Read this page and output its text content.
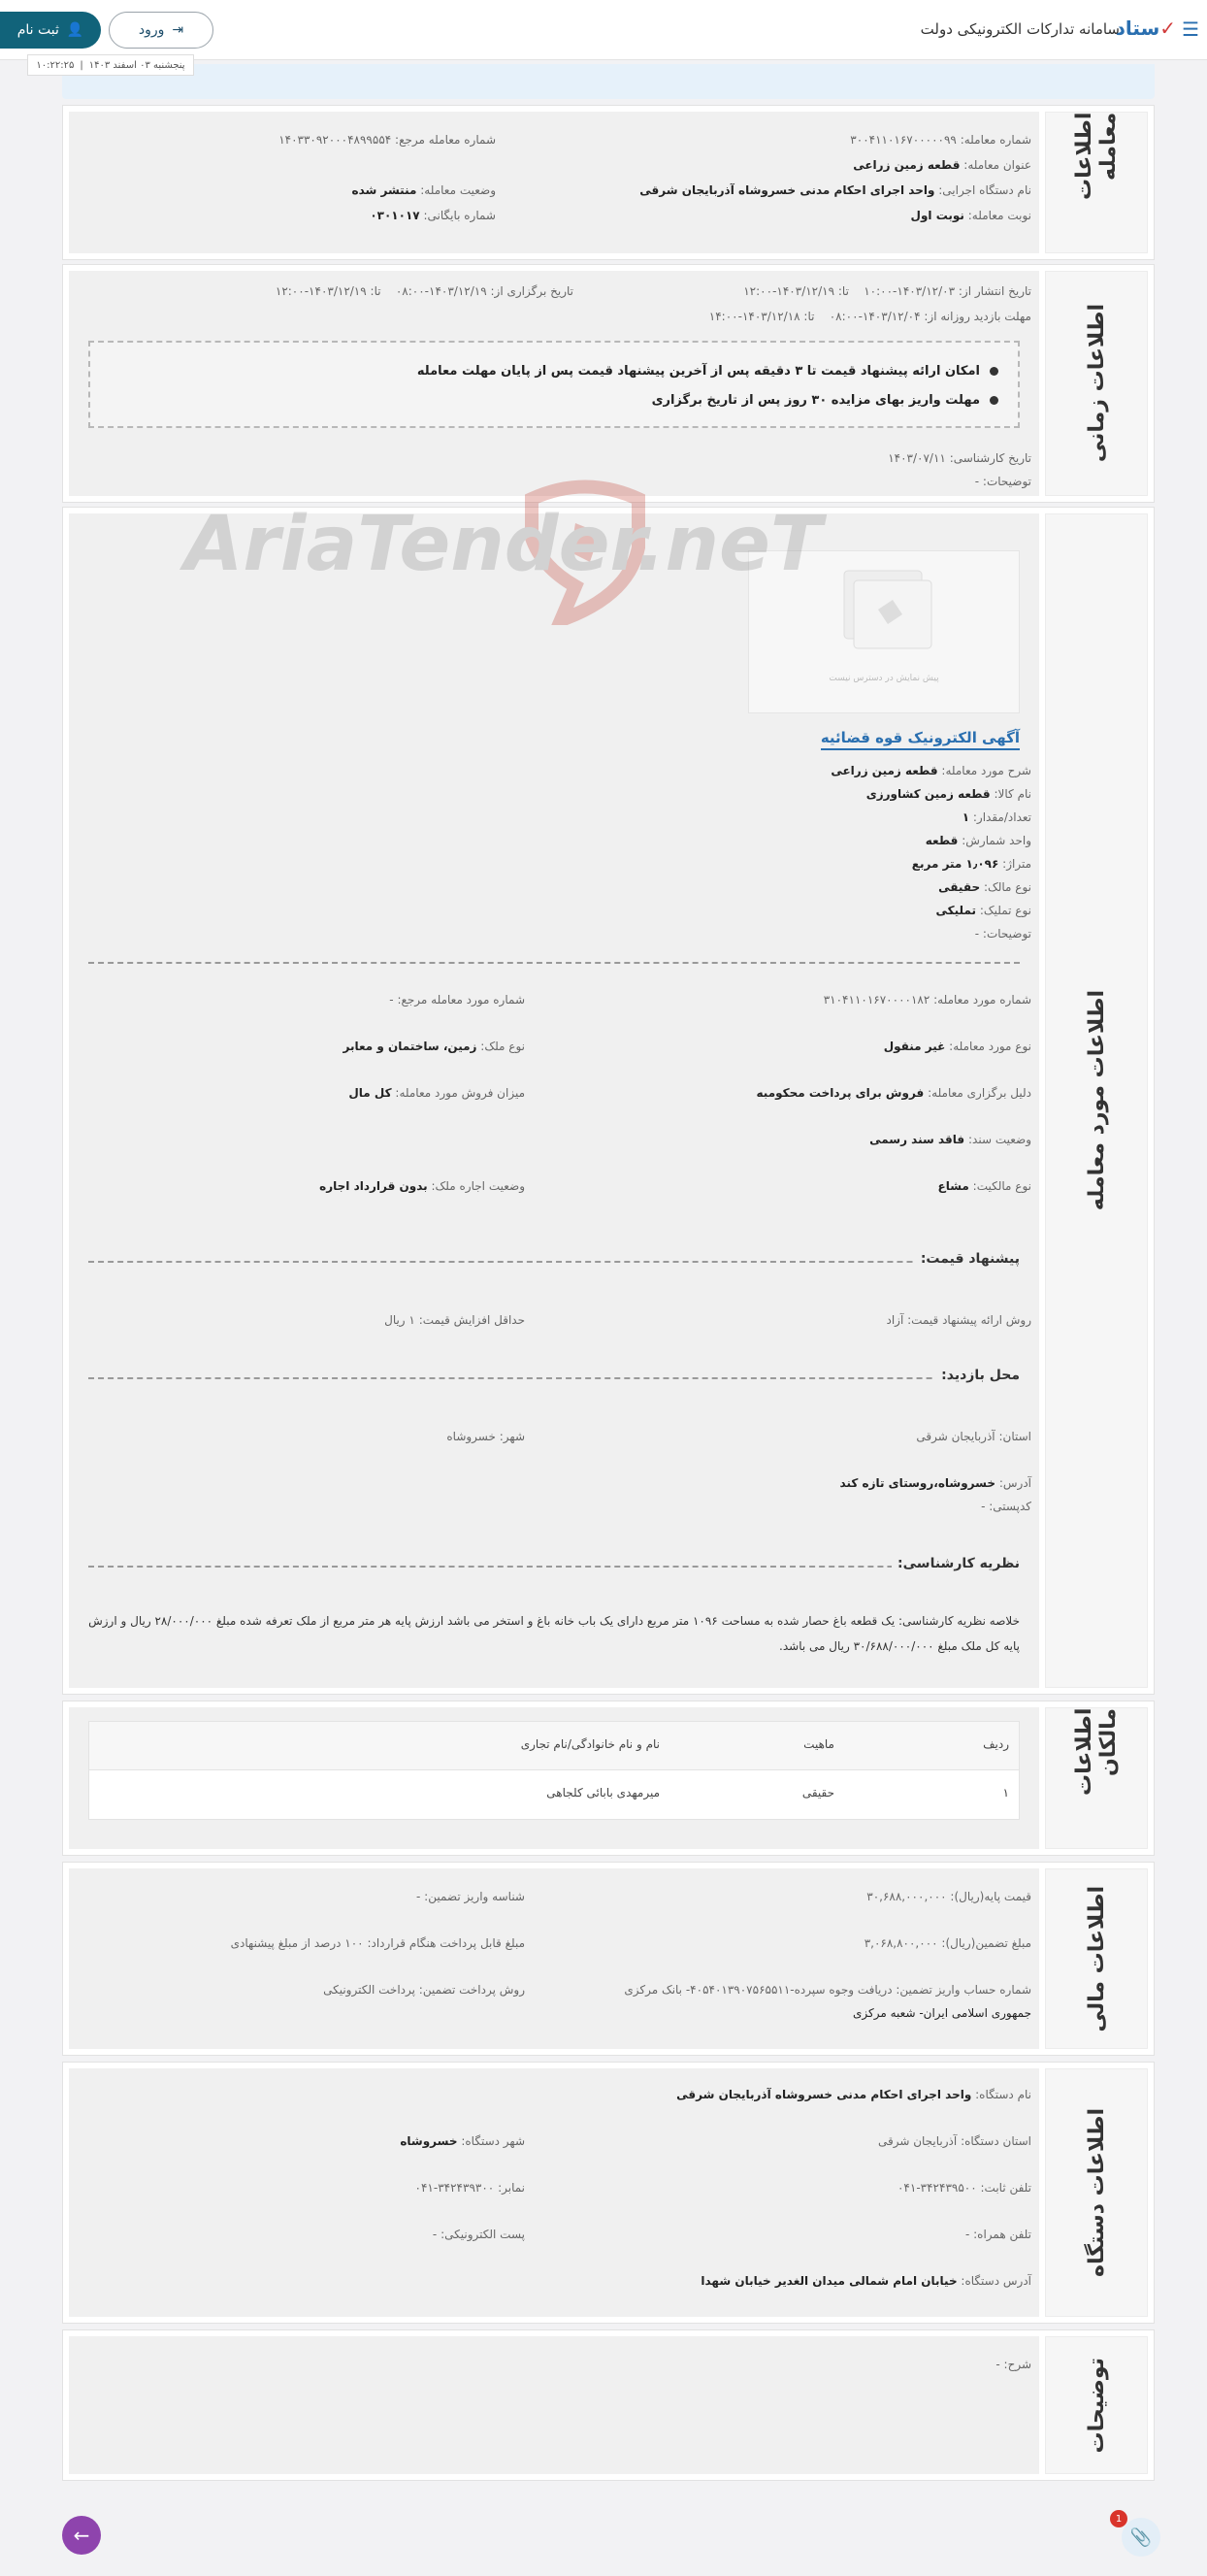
☰
✓ستاد
سامانه تدارکات الکترونیکی دولت
⇥
ورود
👤
ثبت نام
پنجشنبه ۰۳ اسفند ۱۴۰۳
|
۱۰:۲۲:۲۵
AriaTender.neT
اطلاعات معامله
شماره معامله: ۳۰۰۴۱۱۰۱۶۷۰۰۰۰۰۹۹
شماره معامله مرجع: ۱۴۰۳۳۰۹۲۰۰۰۴۸۹۹۵۵۴
عنوان معامله: قطعه زمین زراعی
نام دستگاه اجرایی: واحد اجرای احکام مدنی خسروشاه آذربایجان شرقی
وضعیت معامله: منتشر شده
نوبت معامله: نوبت اول
شماره بایگانی: ۰۳۰۱۰۱۷
اطلاعات زمانی
تاریخ انتشار از: ۱۴۰۳/۱۲/۰۳-۱۰:۰۰    تا: ۱۴۰۳/۱۲/۱۹-۱۲:۰۰
تاریخ برگزاری از: ۱۴۰۳/۱۲/۱۹-۰۸:۰۰    تا: ۱۴۰۳/۱۲/۱۹-۱۲:۰۰
مهلت بازدید روزانه از: ۱۴۰۳/۱۲/۰۴-۰۸:۰۰    تا: ۱۴۰۳/۱۲/۱۸-۱۴:۰۰
امکان ارائه پیشنهاد قیمت تا ۳ دقیقه پس از آخرین پیشنهاد قیمت پس از پایان مهلت معامله
مهلت واریز بهای مزایده ۳۰ روز پس از تاریخ برگزاری
تاریخ کارشناسی: ۱۴۰۳/۰۷/۱۱
توضیحات: -
اطلاعات مورد معامله
پیش نمایش در دسترس نیست
آگهی الکترونیک قوه قضائیه
شرح مورد معامله: قطعه زمین زراعی
نام کالا: قطعه زمین کشاورزی
تعداد/مقدار: ۱
واحد شمارش: قطعه
متراژ: ۱٫۰۹۶ متر مربع
نوع مالک: حقیقی
نوع تملیک: تملیکی
توضیحات: -
شماره مورد معامله: ۳۱۰۴۱۱۰۱۶۷۰۰۰۰۱۸۲
شماره مورد معامله مرجع: -
نوع مورد معامله: غیر منقول
نوع ملک: زمین، ساختمان و معابر
دلیل برگزاری معامله: فروش برای پرداخت محکومبه
میزان فروش مورد معامله: کل مال
وضعیت سند: فاقد سند رسمی
نوع مالکیت: مشاع
وضعیت اجاره ملک: بدون قرارداد اجاره
پیشنهاد قیمت:
روش ارائه پیشنهاد قیمت: آزاد
حداقل افزایش قیمت: ۱ ریال
محل بازدید:
استان: آذربایجان شرقی
شهر: خسروشاه
آدرس: خسروشاه،روستای تازه کند
کدپستی: -
نظریه کارشناسی:
خلاصه نظریه کارشناسی: یک قطعه باغ حصار شده به مساحت ۱۰۹۶ متر مربع دارای یک باب خانه باغ و استخر می باشد ارزش پایه هر متر مربع از ملک تعرفه شده مبلغ ۲۸/۰۰۰/۰۰۰ ریال و ارزش پایه کل ملک مبلغ ۳۰/۶۸۸/۰۰۰/۰۰۰ ریال می باشد.
اطلاعات مالکان
ردیف
ماهیت
نام و نام خانوادگی/نام تجاری
۱
حقیقی
میرمهدی بابائی کلجاهی
اطلاعات مالی
قیمت پایه(ریال): ۳۰,۶۸۸,۰۰۰,۰۰۰
شناسه واریز تضمین: -
مبلغ تضمین(ریال): ۳,۰۶۸,۸۰۰,۰۰۰
مبلغ قابل پرداخت هنگام قرارداد: ۱۰۰ درصد از مبلغ پیشنهادی
شماره حساب واریز تضمین: دریافت وجوه سپرده-۴۰۵۴۰۱۳۹۰۷۵۶۵۵۱۱- بانک مرکزی
روش پرداخت تضمین: پرداخت الکترونیکی
جمهوری اسلامی ایران- شعبه مرکزی
اطلاعات دستگاه
نام دستگاه: واحد اجرای احکام مدنی خسروشاه آذربایجان شرقی
استان دستگاه: آذربایجان شرقی
شهر دستگاه: خسروشاه
تلفن ثابت: ۳۴۲۴۳۹۵۰۰-۰۴۱
نمابر: ۳۴۲۴۳۹۳۰۰-۰۴۱
تلفن همراه: -
پست الکترونیکی: -
آدرس دستگاه: خیابان امام شمالی میدان الغدیر خیابان شهدا
توضیحات
شرح: -
←	📎
1
